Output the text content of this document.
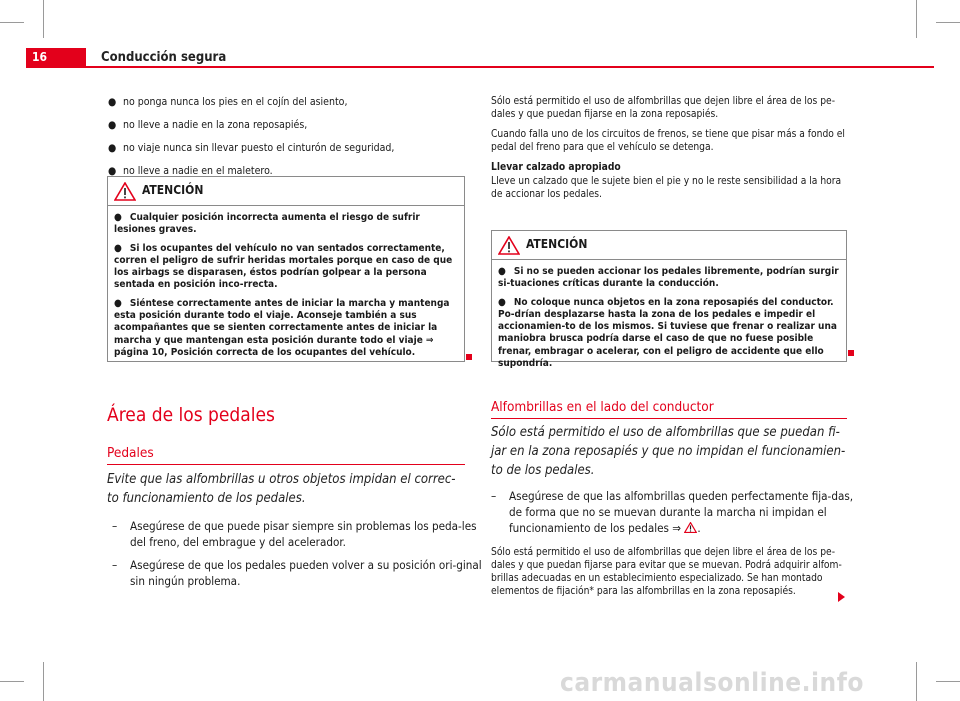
16	Conducción segura
● no ponga nunca los pies en el cojín del asiento,
● no lleve a nadie en la zona reposapiés,
● no viaje nunca sin llevar puesto el cinturón de seguridad,
● no lleve a nadie en el maletero.
ATENCIÓN
● Cualquier posición incorrecta aumenta el riesgo de sufrir lesiones graves.
● Si los ocupantes del vehículo no van sentados correctamente, corren el peligro de sufrir heridas mortales porque en caso de que los airbags se disparasen, éstos podrían golpear a la persona sentada en posición inco-rrecta.
● Siéntese correctamente antes de iniciar la marcha y mantenga esta posición durante todo el viaje. Aconseje también a sus acompañantes que se sienten correctamente antes de iniciar la marcha y que mantengan esta posición durante todo el viaje ⇒ página 10, Posición correcta de los ocupantes del vehículo.
Área de los pedales
Pedales
Evite que las alfombrillas u otros objetos impidan el correc-to funcionamiento de los pedales.
– Asegúrese de que puede pisar siempre sin problemas los peda-les del freno, del embrague y del acelerador.
– Asegúrese de que los pedales pueden volver a su posición ori-ginal sin ningún problema.
Sólo está permitido el uso de alfombrillas que dejen libre el área de los pe-dales y que puedan fijarse en la zona reposapiés.
Cuando falla uno de los circuitos de frenos, se tiene que pisar más a fondo el pedal del freno para que el vehículo se detenga.
Llevar calzado apropiado
Lleve un calzado que le sujete bien el pie y no le reste sensibilidad a la hora de accionar los pedales.
ATENCIÓN
● Si no se pueden accionar los pedales libremente, podrían surgir si-tuaciones críticas durante la conducción.
● No coloque nunca objetos en la zona reposapiés del conductor. Po-drían desplazarse hasta la zona de los pedales e impedir el accionamien-to de los mismos. Si tuviese que frenar o realizar una maniobra brusca podría darse el caso de que no fuese posible frenar, embragar o acelerar, con el peligro de accidente que ello supondría.
Alfombrillas en el lado del conductor
Sólo está permitido el uso de alfombrillas que se puedan fi-jar en la zona reposapiés y que no impidan el funcionamien-to de los pedales.
– Asegúrese de que las alfombrillas queden perfectamente fija-das, de forma que no se muevan durante la marcha ni impidan el funcionamiento de los pedales ⇒ .
Sólo está permitido el uso de alfombrillas que dejen libre el área de los pe-dales y que puedan fijarse para evitar que se muevan. Podrá adquirir alfom-brillas adecuadas en un establecimiento especializado. Se han montado elementos de fijación* para las alfombrillas en la zona reposapiés.
carmanualsonline.info
